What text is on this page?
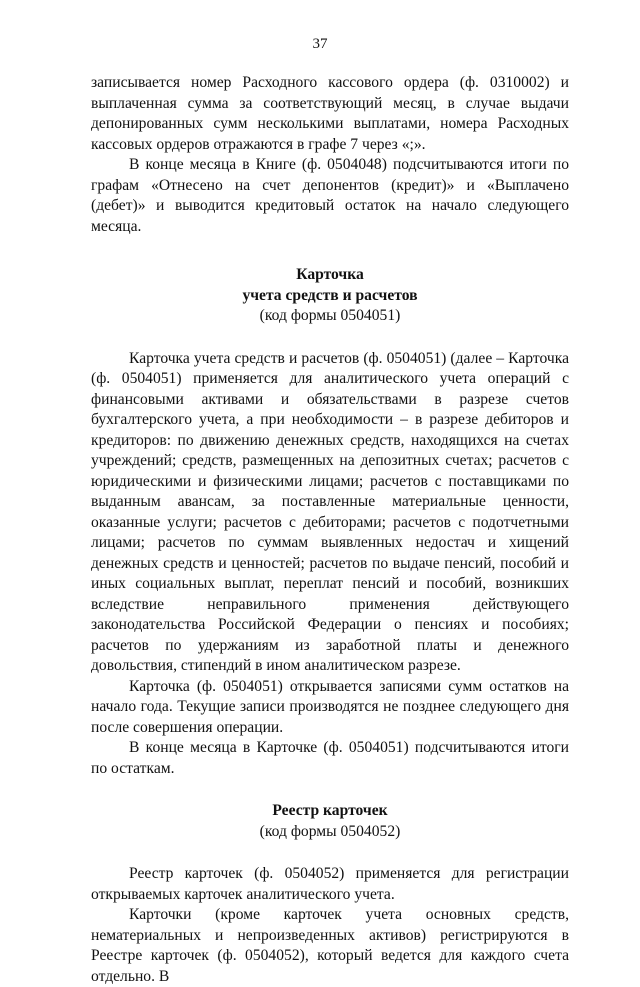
37

записывается номер Расходного кассового ордера (ф. 0310002) и выплаченная сумма за соответствующий месяц, в случае выдачи депонированных сумм несколькими выплатами, номера Расходных кассовых ордеров отражаются в графе 7 через «;».

В конце месяца в Книге (ф. 0504048) подсчитываются итоги по графам «Отнесено на счет депонентов (кредит)» и «Выплачено (дебет)» и выводится кредитовый остаток на начало следующего месяца.

Карточка

учета средств и расчетов

(код формы 0504051)

Карточка учета средств и расчетов (ф. 0504051) (далее – Карточка (ф. 0504051) применяется для аналитического учета операций с финансовыми активами и обязательствами в разрезе счетов бухгалтерского учета, а при необходимости – в разрезе дебиторов и кредиторов: по движению денежных средств, находящихся на счетах учреждений; средств, размещенных на депозитных счетах; расчетов с юридическими и физическими лицами; расчетов с поставщиками по выданным авансам, за поставленные материальные ценности, оказанные услуги; расчетов с дебиторами; расчетов с подотчетными лицами; расчетов по суммам выявленных недостач и хищений денежных средств и ценностей; расчетов по выдаче пенсий, пособий и иных социальных выплат, переплат пенсий и пособий, возникших вследствие неправильного применения действующего законодательства Российской Федерации о пенсиях и пособиях; расчетов по удержаниям из заработной платы и денежного довольствия, стипендий в ином аналитическом разрезе.

Карточка (ф. 0504051) открывается записями сумм остатков на начало года. Текущие записи производятся не позднее следующего дня после совершения операции.

В конце месяца в Карточке (ф. 0504051) подсчитываются итоги по остаткам.

Реестр карточек

(код формы 0504052)

Реестр карточек (ф. 0504052) применяется для регистрации открываемых карточек аналитического учета.

Карточки (кроме карточек учета основных средств, нематериальных и непроизведенных активов) регистрируются в Реестре карточек (ф. 0504052), который ведется для каждого счета отдельно. В
